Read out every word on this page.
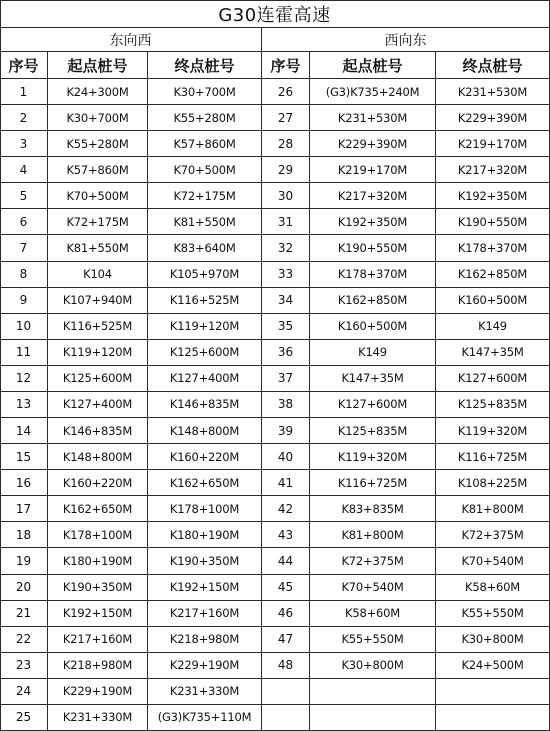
G30连霍高速
东向西	西向东
序号	起点桩号	终点桩号	序号	起点桩号	终点桩号
1	K24+300M	K30+700M	26	(G3)K735+240M	K231+530M
2	K30+700M	K55+280M	27	K231+530M	K229+390M
3	K55+280M	K57+860M	28	K229+390M	K219+170M
4	K57+860M	K70+500M	29	K219+170M	K217+320M
5	K70+500M	K72+175M	30	K217+320M	K192+350M
6	K72+175M	K81+550M	31	K192+350M	K190+550M
7	K81+550M	K83+640M	32	K190+550M	K178+370M
8	K104	K105+970M	33	K178+370M	K162+850M
9	K107+940M	K116+525M	34	K162+850M	K160+500M
10	K116+525M	K119+120M	35	K160+500M	K149
11	K119+120M	K125+600M	36	K149	K147+35M
12	K125+600M	K127+400M	37	K147+35M	K127+600M
13	K127+400M	K146+835M	38	K127+600M	K125+835M
14	K146+835M	K148+800M	39	K125+835M	K119+320M
15	K148+800M	K160+220M	40	K119+320M	K116+725M
16	K160+220M	K162+650M	41	K116+725M	K108+225M
17	K162+650M	K178+100M	42	K83+835M	K81+800M
18	K178+100M	K180+190M	43	K81+800M	K72+375M
19	K180+190M	K190+350M	44	K72+375M	K70+540M
20	K190+350M	K192+150M	45	K70+540M	K58+60M
21	K192+150M	K217+160M	46	K58+60M	K55+550M
22	K217+160M	K218+980M	47	K55+550M	K30+800M
23	K218+980M	K229+190M	48	K30+800M	K24+500M
24	K229+190M	K231+330M
25	K231+330M	(G3)K735+110M
